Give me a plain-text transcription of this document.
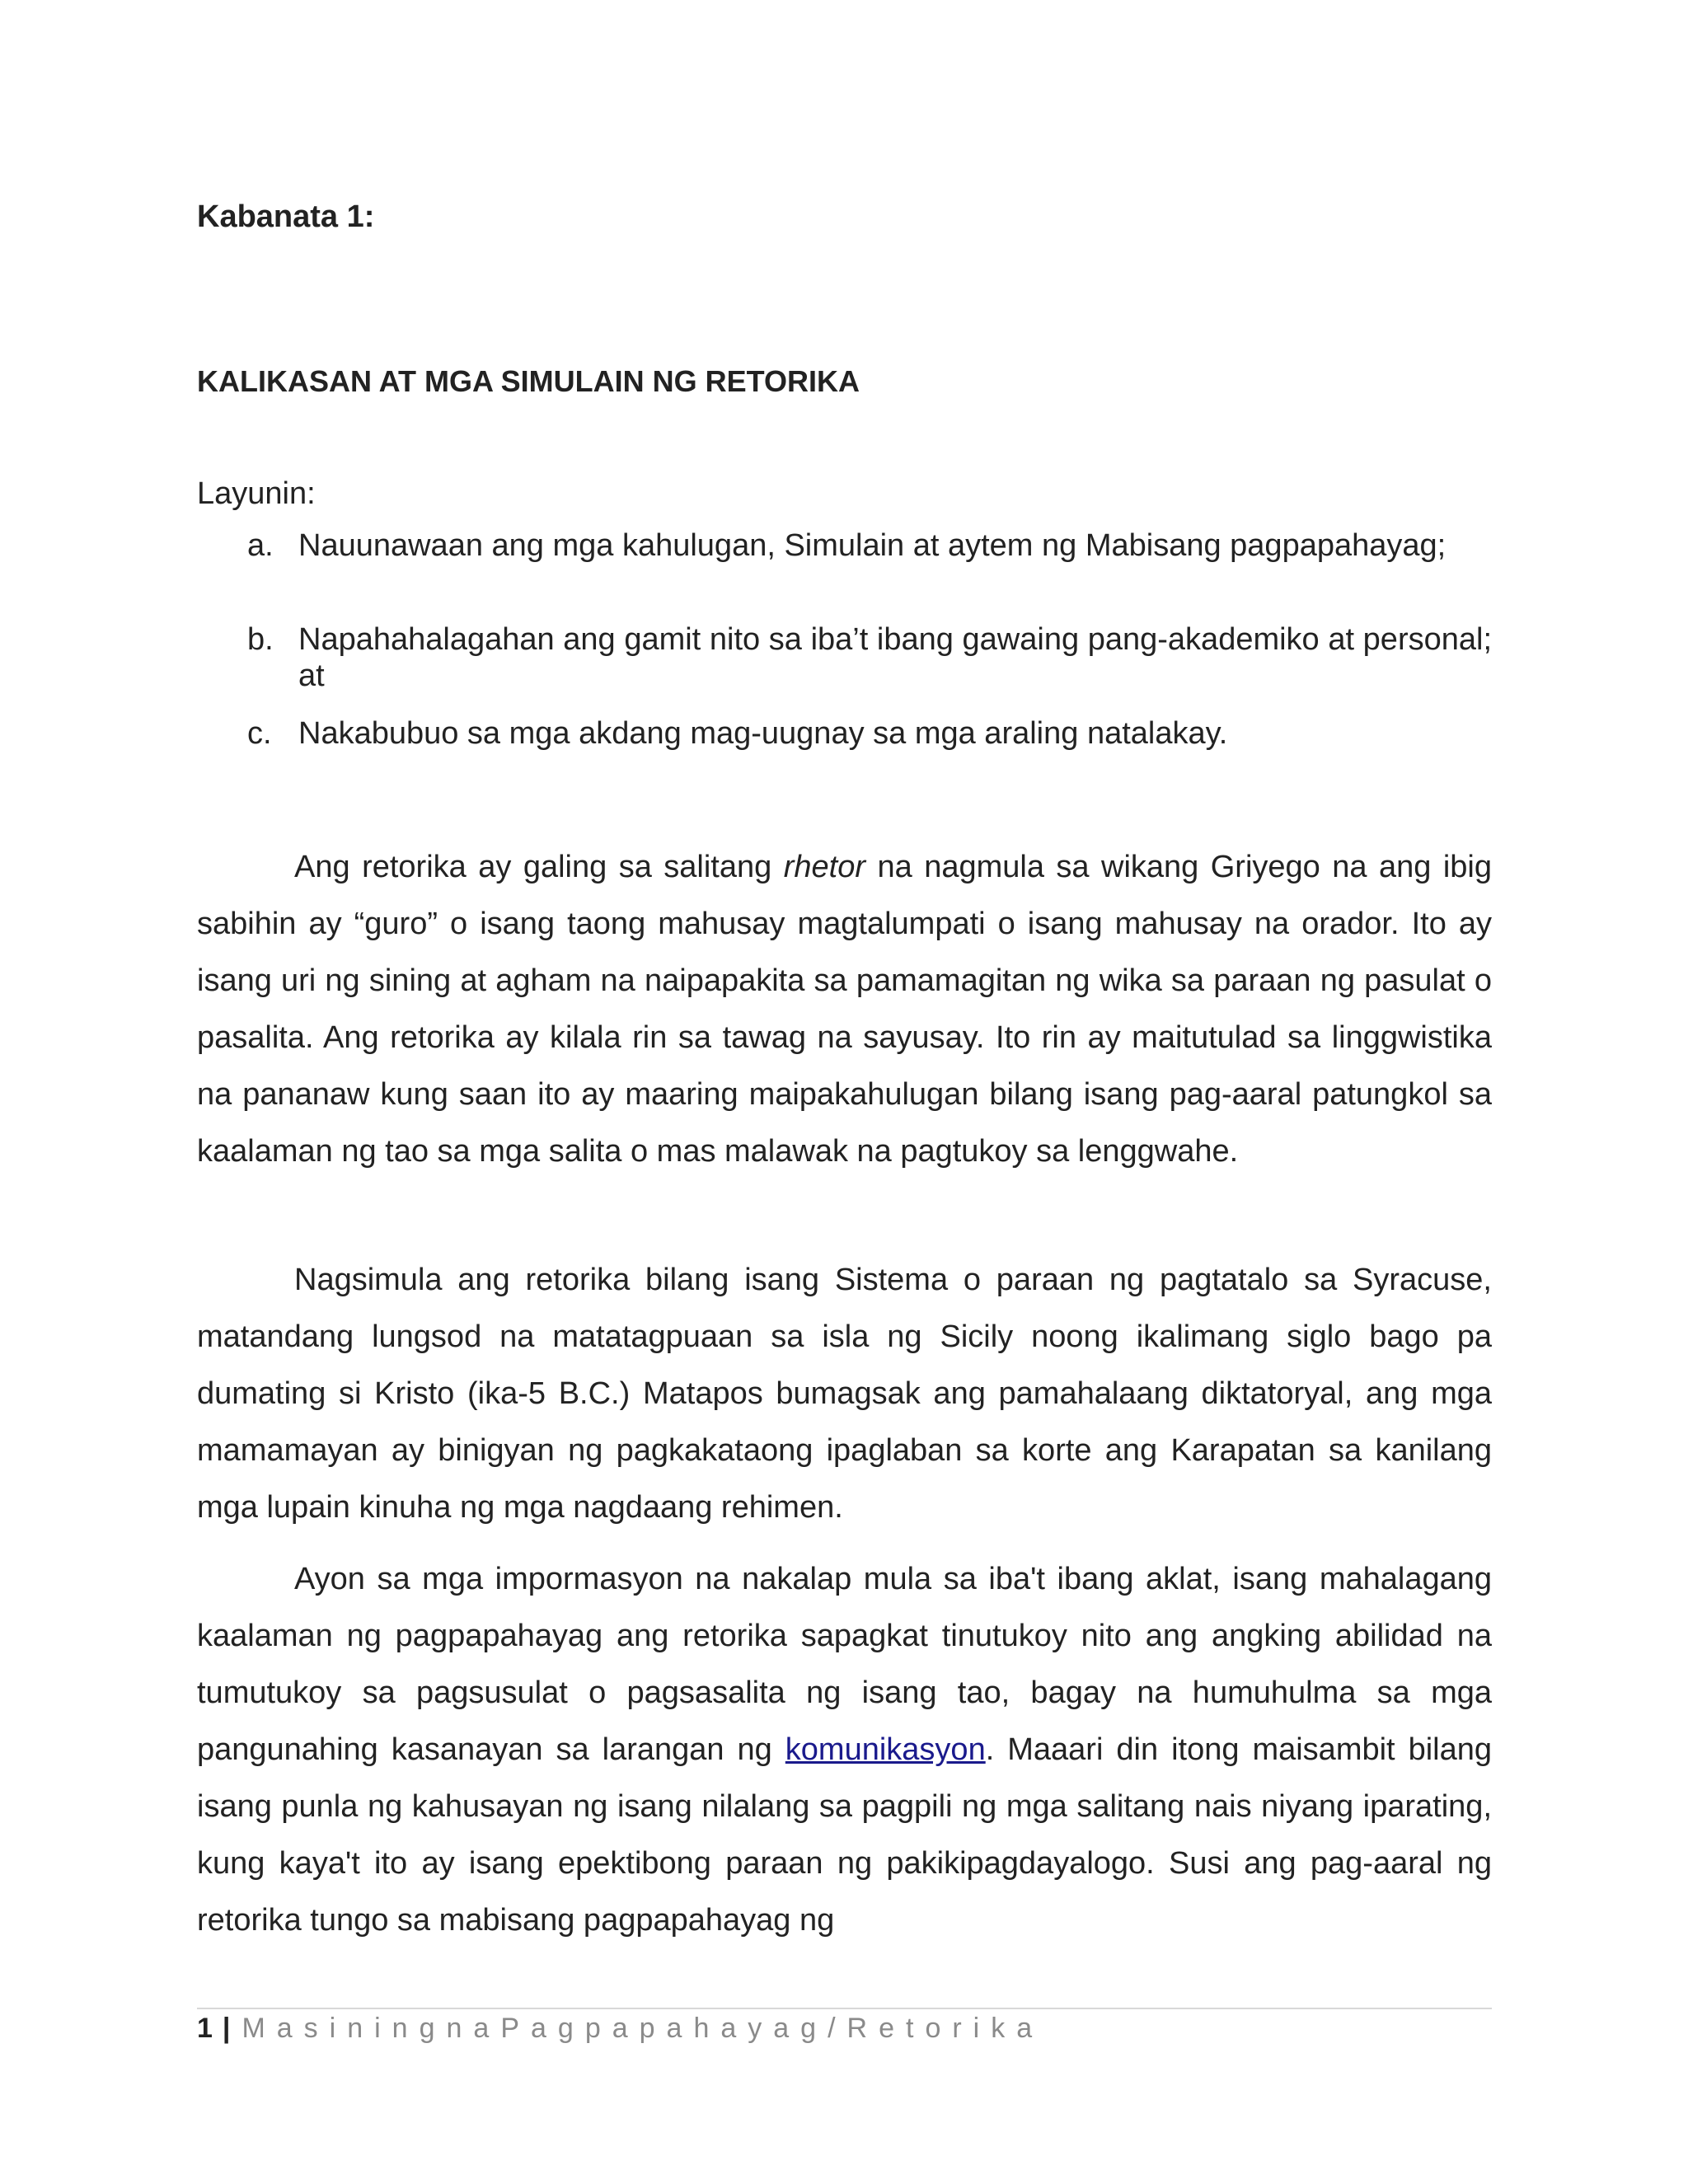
Kabanata 1:
KALIKASAN AT MGA SIMULAIN NG RETORIKA
Layunin:
a. Nauunawaan ang mga kahulugan, Simulain at aytem ng Mabisang pagpapahayag;
b. Napahahalagahan ang gamit nito sa iba’t ibang gawaing pang-akademiko at personal; at
c. Nakabubuo sa mga akdang mag-uugnay sa mga araling natalakay.

Ang retorika ay galing sa salitang rhetor na nagmula sa wikang Griyego na ang ibig sabihin ay “guro” o isang taong mahusay magtalumpati o isang mahusay na orador. Ito ay isang uri ng sining at agham na naipapakita sa pamamagitan ng wika sa paraan ng pasulat o pasalita. Ang retorika ay kilala rin sa tawag na sayusay. Ito rin ay maitutulad sa linggwistika na pananaw kung saan ito ay maaring maipakahulugan bilang isang pag-aaral patungkol sa kaalaman ng tao sa mga salita o mas malawak na pagtukoy sa lenggwahe.

Nagsimula ang retorika bilang isang Sistema o paraan ng pagtatalo sa Syracuse, matandang lungsod na matatagpuaan sa isla ng Sicily noong ikalimang siglo bago pa dumating si Kristo (ika-5 B.C.) Matapos bumagsak ang pamahalaang diktatoryal, ang mga mamamayan ay binigyan ng pagkakataong ipaglaban sa korte ang Karapatan sa kanilang mga lupain kinuha ng mga nagdaang rehimen.

Ayon sa mga impormasyon na nakalap mula sa iba't ibang aklat, isang mahalagang kaalaman ng pagpapahayag ang retorika sapagkat tinutukoy nito ang angking abilidad na tumutukoy sa pagsusulat o pagsasalita ng isang tao, bagay na humuhulma sa mga pangunahing kasanayan sa larangan ng komunikasyon. Maaari din itong maisambit bilang isang punla ng kahusayan ng isang nilalang sa pagpili ng mga salitang nais niyang iparating, kung kaya't ito ay isang epektibong paraan ng pakikipagdayalogo. Susi ang pag-aaral ng retorika tungo sa mabisang pagpapahayag ng

1 | MasiningnaPagpapahayag/Retorika
